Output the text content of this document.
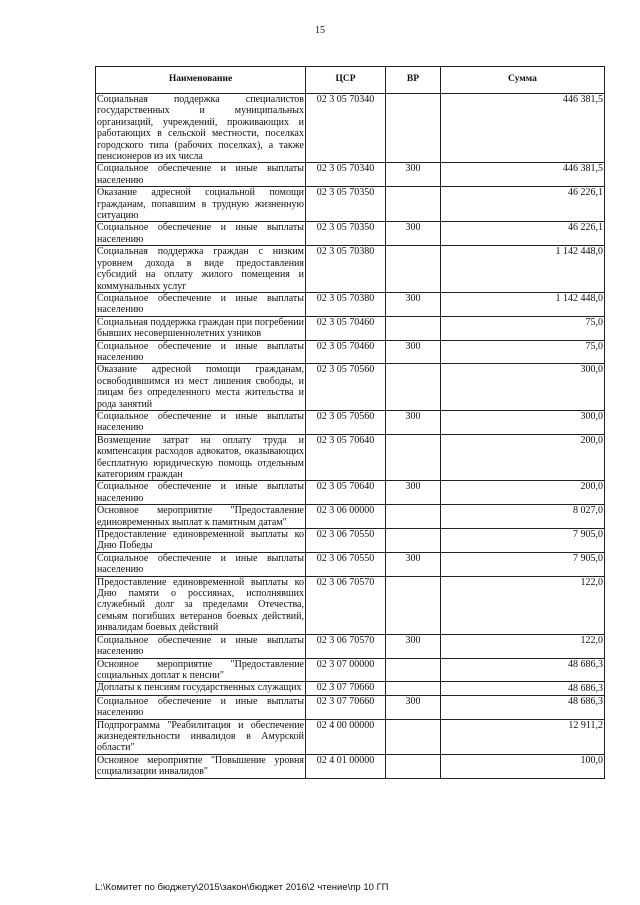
15
Наименование	ЦСР	ВР	Сумма
Социальная поддержка специалистов государственных и муниципальных организаций, учреждений, проживающих и работающих в сельской местности, поселках городского типа (рабочих поселках), а также пенсионеров из их числа	02 3 05 70340		446 381,5
Социальное обеспечение и иные выплаты населению	02 3 05 70340	300	446 381,5
Оказание адресной социальной помощи гражданам, попавшим в трудную жизненную ситуацию	02 3 05 70350		46 226,1
Социальное обеспечение и иные выплаты населению	02 3 05 70350	300	46 226,1
Социальная поддержка граждан с низким уровнем дохода в виде предоставления субсидий на оплату жилого помещения и коммунальных услуг	02 3 05 70380		1 142 448,0
Социальное обеспечение и иные выплаты населению	02 3 05 70380	300	1 142 448,0
Социальная поддержка граждан при погребении бывших несовершеннолетних узников	02 3 05 70460		75,0
Социальное обеспечение и иные выплаты населению	02 3 05 70460	300	75,0
Оказание адресной помощи гражданам, освободившимся из мест лишения свободы, и лицам без определенного места жительства и рода занятий	02 3 05 70560		300,0
Социальное обеспечение и иные выплаты населению	02 3 05 70560	300	300,0
Возмещение затрат на оплату труда и компенсация расходов адвокатов, оказывающих бесплатную юридическую помощь отдельным категориям граждан	02 3 05 70640		200,0
Социальное обеспечение и иные выплаты населению	02 3 05 70640	300	200,0
Основное мероприятие "Предоставление единовременных выплат к памятным датам"	02 3 06 00000		8 027,0
Предоставление единовременной выплаты ко Дню Победы	02 3 06 70550		7 905,0
Социальное обеспечение и иные выплаты населению	02 3 06 70550	300	7 905,0
Предоставление единовременной выплаты ко Дню памяти о россиянах, исполнявших служебный долг за пределами Отечества, семьям погибших ветеранов боевых действий, инвалидам боевых действий	02 3 06 70570		122,0
Социальное обеспечение и иные выплаты населению	02 3 06 70570	300	122,0
Основное мероприятие "Предоставление социальных доплат к пенсии"	02 3 07 00000		48 686,3
Доплаты к пенсиям государственных служащих	02 3 07 70660		48 686,3
Социальное обеспечение и иные выплаты населению	02 3 07 70660	300	48 686,3
Подпрограмма "Реабилитация и обеспечение жизнедеятельности инвалидов в Амурской области"	02 4 00 00000		12 911,2
Основное мероприятие "Повышение уровня социализации инвалидов"	02 4 01 00000		100,0
L:\Комитет по бюджету\2015\закон\бюджет 2016\2 чтение\пр 10 ГП
